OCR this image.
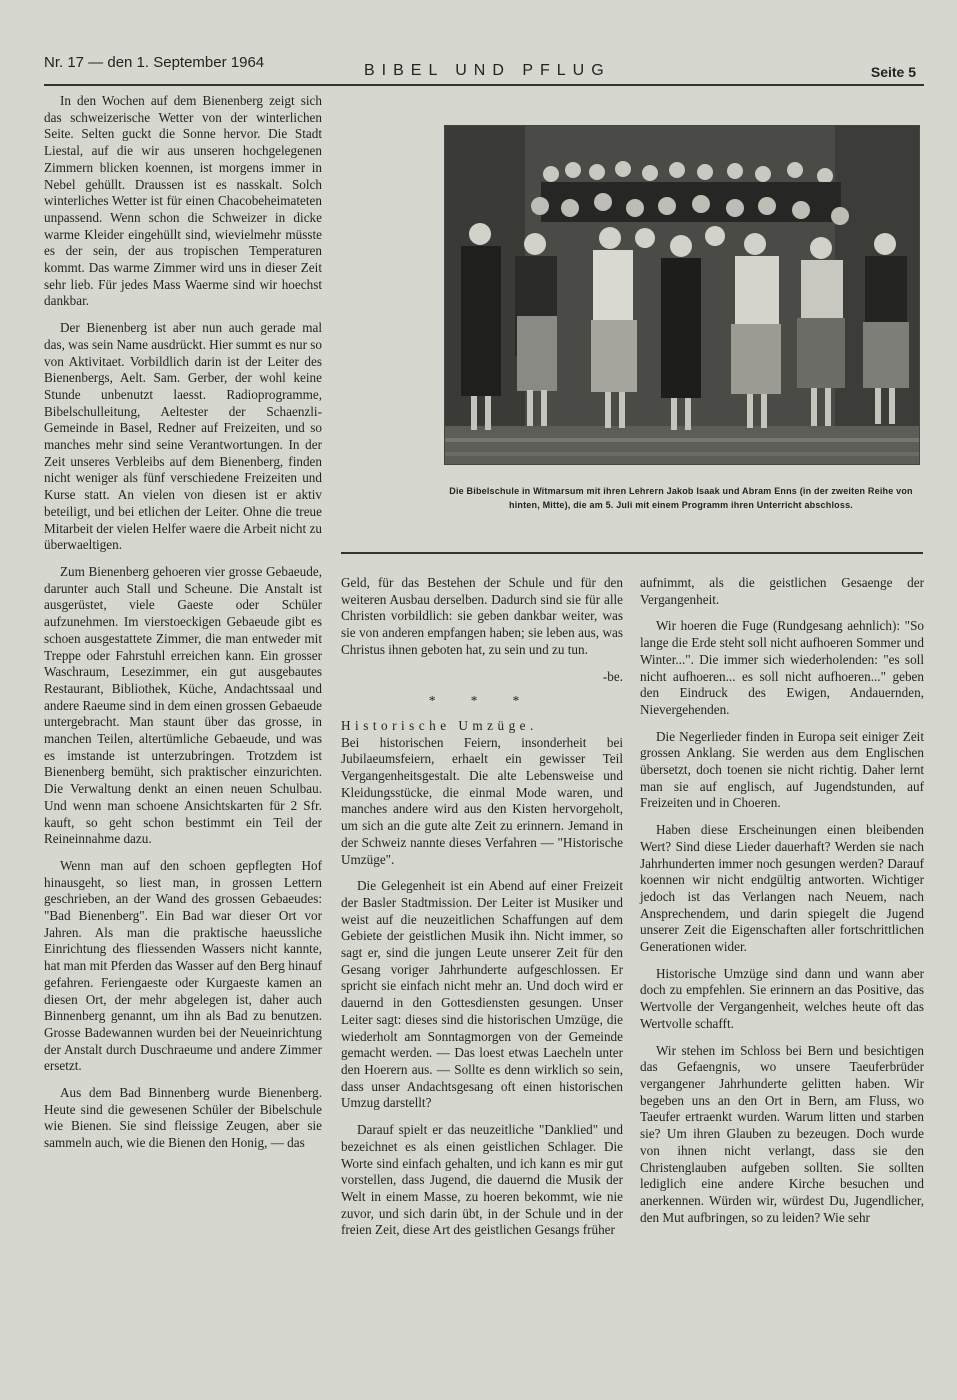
Nr. 17 — den 1. September 1964	BIBEL UND PFLUG	Seite 5

In den Wochen auf dem Bienenberg zeigt sich das schweizerische Wetter von der winterlichen Seite. Selten guckt die Sonne hervor. Die Stadt Liestal, auf die wir aus unseren hochgelegenen Zimmern blicken koennen, ist morgens immer in Nebel gehüllt. Draussen ist es nasskalt. Solch winterliches Wetter ist für einen Chacobeheimateten unpassend. Wenn schon die Schweizer in dicke warme Kleider eingehüllt sind, wievielmehr müsste es der sein, der aus tropischen Temperaturen kommt. Das warme Zimmer wird uns in dieser Zeit sehr lieb. Für jedes Mass Waerme sind wir hoechst dankbar.

Der Bienenberg ist aber nun auch gerade mal das, was sein Name ausdrückt. Hier summt es nur so von Aktivitaet. Vorbildlich darin ist der Leiter des Bienenbergs, Aelt. Sam. Gerber, der wohl keine Stunde unbenutzt laesst. Radioprogramme, Bibelschulleitung, Aeltester der Schaenzli-Gemeinde in Basel, Redner auf Freizeiten, und so manches mehr sind seine Verantwortungen. In der Zeit unseres Verbleibs auf dem Bienenberg, finden nicht weniger als fünf verschiedene Freizeiten und Kurse statt. An vielen von diesen ist er aktiv beteiligt, und bei etlichen der Leiter. Ohne die treue Mitarbeit der vielen Helfer waere die Arbeit nicht zu überwaeltigen.

Zum Bienenberg gehoeren vier grosse Gebaeude, darunter auch Stall und Scheune. Die Anstalt ist ausgerüstet, viele Gaeste oder Schüler aufzunehmen. Im vierstoeckigen Gebaeude gibt es schoen ausgestattete Zimmer, die man entweder mit Treppe oder Fahrstuhl erreichen kann. Ein grosser Waschraum, Lesezimmer, ein gut ausgebautes Restaurant, Bibliothek, Küche, Andachtssaal und andere Raeume sind in dem einen grossen Gebaeude untergebracht. Man staunt über das grosse, in manchen Teilen, altertümliche Gebaeude, und was es imstande ist unterzubringen. Trotzdem ist Bienenberg bemüht, sich praktischer einzurichten. Die Verwaltung denkt an einen neuen Schulbau. Und wenn man schoene Ansichtskarten für 2 Sfr. kauft, so geht schon bestimmt ein Teil der Reineinnahme dazu.

Wenn man auf den schoen gepflegten Hof hinausgeht, so liest man, in grossen Lettern geschrieben, an der Wand des grossen Gebaeudes: "Bad Bienenberg". Ein Bad war dieser Ort vor Jahren. Als man die praktische haeussliche Einrichtung des fliessenden Wassers nicht kannte, hat man mit Pferden das Wasser auf den Berg hinauf gefahren. Feriengaeste oder Kurgaeste kamen an diesen Ort, der mehr abgelegen ist, daher auch Binnenberg genannt, um ihn als Bad zu benutzen. Grosse Badewannen wurden bei der Neueinrichtung der Anstalt durch Duschraeume und andere Zimmer ersetzt.

Aus dem Bad Binnenberg wurde Bienenberg. Heute sind die gewesenen Schüler der Bibelschule wie Bienen. Sie sind fleissige Zeugen, aber sie sammeln auch, wie die Bienen den Honig, — das

Die Bibelschule in Witmarsum mit ihren Lehrern Jakob Isaak und Abram Enns (in der zweiten Reihe von hinten, Mitte), die am 5. Juli mit einem Programm ihren Unterricht abschloss.

Geld, für das Bestehen der Schule und für den weiteren Ausbau derselben. Dadurch sind sie für alle Christen vorbildlich: sie geben dankbar weiter, was sie von anderen empfangen haben; sie leben aus, was Christus ihnen geboten hat, zu sein und zu tun.

-be.
* * *
Historische Umzüge.

Bei historischen Feiern, insonderheit bei Jubilaeumsfeiern, erhaelt ein gewisser Teil Vergangenheitsgestalt. Die alte Lebensweise und Kleidungsstücke, die einmal Mode waren, und manches andere wird aus den Kisten hervorgeholt, um sich an die gute alte Zeit zu erinnern. Jemand in der Schweiz nannte dieses Verfahren — "Historische Umzüge".

Die Gelegenheit ist ein Abend auf einer Freizeit der Basler Stadtmission. Der Leiter ist Musiker und weist auf die neuzeitlichen Schaffungen auf dem Gebiete der geistlichen Musik ihn. Nicht immer, so sagt er, sind die jungen Leute unserer Zeit für den Gesang voriger Jahrhunderte aufgeschlossen. Er spricht sie einfach nicht mehr an. Und doch wird er dauernd in den Gottesdiensten gesungen. Unser Leiter sagt: dieses sind die historischen Umzüge, die wiederholt am Sonntagmorgen von der Gemeinde gemacht werden. — Das loest etwas Laecheln unter den Hoerern aus. — Sollte es denn wirklich so sein, dass unser Andachtsgesang oft einen historischen Umzug darstellt?

Darauf spielt er das neuzeitliche "Danklied" und bezeichnet es als einen geistlichen Schlager. Die Worte sind einfach gehalten, und ich kann es mir gut vorstellen, dass Jugend, die dauernd die Musik der Welt in einem Masse, zu hoeren bekommt, wie nie zuvor, und sich darin übt, in der Schule und in der freien Zeit, diese Art des geistlichen Gesangs früher

aufnimmt, als die geistlichen Gesaenge der Vergangenheit.

Wir hoeren die Fuge (Rundgesang aehnlich): "So lange die Erde steht soll nicht aufhoeren Sommer und Winter...". Die immer sich wiederholenden: "es soll nicht aufhoeren... es soll nicht aufhoeren..." geben den Eindruck des Ewigen, Andauernden, Nievergehenden.

Die Negerlieder finden in Europa seit einiger Zeit grossen Anklang. Sie werden aus dem Englischen übersetzt, doch toenen sie nicht richtig. Daher lernt man sie auf englisch, auf Jugendstunden, auf Freizeiten und in Choeren.

Haben diese Erscheinungen einen bleibenden Wert? Sind diese Lieder dauerhaft? Werden sie nach Jahrhunderten immer noch gesungen werden? Darauf koennen wir nicht endgültig antworten. Wichtiger jedoch ist das Verlangen nach Neuem, nach Ansprechendem, und darin spiegelt die Jugend unserer Zeit die Eigenschaften aller fortschrittlichen Generationen wider.

Historische Umzüge sind dann und wann aber doch zu empfehlen. Sie erinnern an das Positive, das Wertvolle der Vergangenheit, welches heute oft das Wertvolle schafft.

Wir stehen im Schloss bei Bern und besichtigen das Gefaengnis, wo unsere Taeuferbrüder vergangener Jahrhunderte gelitten haben. Wir begeben uns an den Ort in Bern, am Fluss, wo Taeufer ertraenkt wurden. Warum litten und starben sie? Um ihren Glauben zu bezeugen. Doch wurde von ihnen nicht verlangt, dass sie den Christenglauben aufgeben sollten. Sie sollten lediglich eine andere Kirche besuchen und anerkennen. Würden wir, würdest Du, Jugendlicher, den Mut aufbringen, so zu leiden? Wie sehr
